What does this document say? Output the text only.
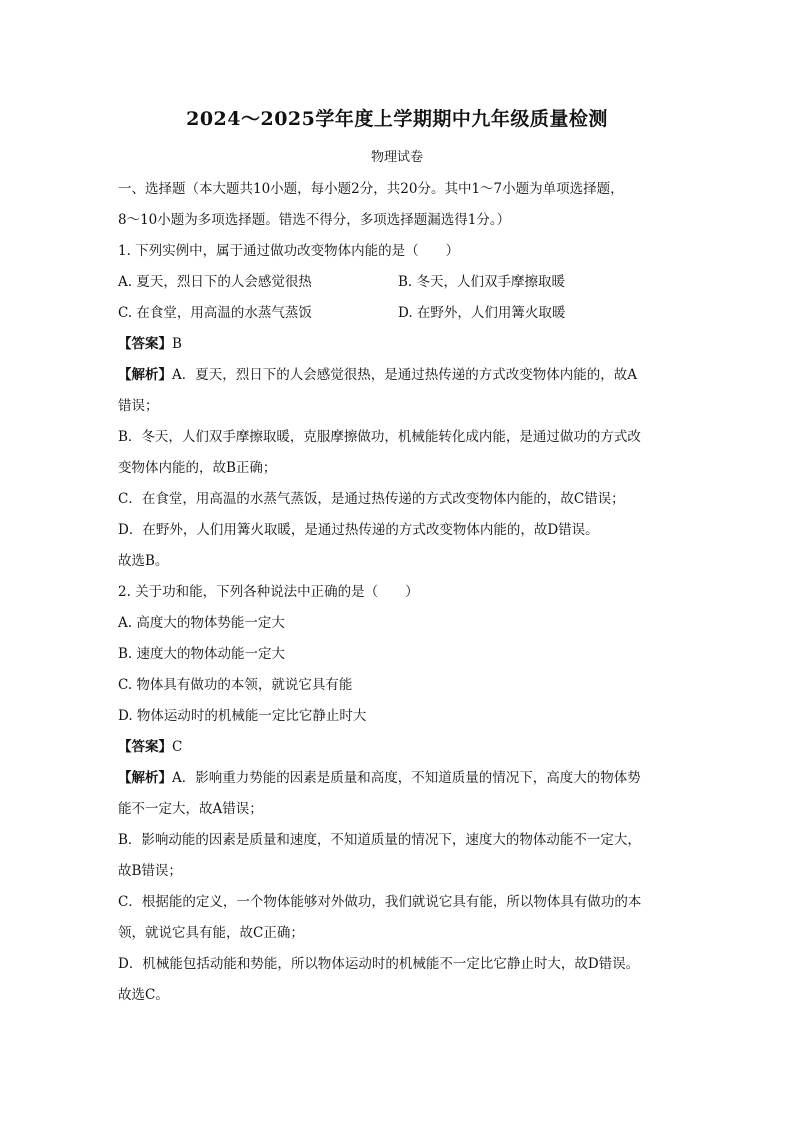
2024～2025学年度上学期期中九年级质量检测
物理试卷
一、选择题（本大题共10小题，每小题2分，共20分。其中1～7小题为单项选择题，
8～10小题为多项选择题。错选不得分，多项选择题漏选得1分。）
1. 下列实例中，属于通过做功改变物体内能的是（　　）
A. 夏天，烈日下的人会感觉很热	B. 冬天，人们双手摩擦取暖
C. 在食堂，用高温的水蒸气蒸饭	D. 在野外，人们用篝火取暖
【答案】B
【解析】A．夏天，烈日下的人会感觉很热，是通过热传递的方式改变物体内能的，故A
错误；
B．冬天，人们双手摩擦取暖，克服摩擦做功，机械能转化成内能，是通过做功的方式改
变物体内能的，故B正确；
C．在食堂，用高温的水蒸气蒸饭，是通过热传递的方式改变物体内能的，故C错误；
D．在野外，人们用篝火取暖，是通过热传递的方式改变物体内能的，故D错误。
故选B。
2. 关于功和能，下列各种说法中正确的是（　　）
A. 高度大的物体势能一定大
B. 速度大的物体动能一定大
C. 物体具有做功的本领，就说它具有能
D. 物体运动时的机械能一定比它静止时大
【答案】C
【解析】A．影响重力势能的因素是质量和高度，不知道质量的情况下，高度大的物体势
能不一定大，故A错误；
B．影响动能的因素是质量和速度，不知道质量的情况下，速度大的物体动能不一定大，
故B错误；
C．根据能的定义，一个物体能够对外做功，我们就说它具有能，所以物体具有做功的本
领，就说它具有能，故C正确；
D．机械能包括动能和势能，所以物体运动时的机械能不一定比它静止时大，故D错误。
故选C。
